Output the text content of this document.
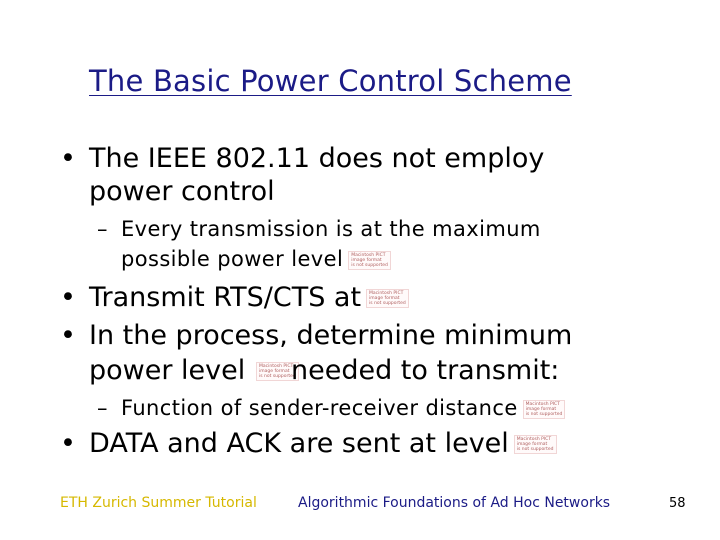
The Basic Power Control Scheme
• The IEEE 802.11 does not employ
power control
– Every transmission is at the maximum
possible power level Macintosh PICT
image format
is not supported
• Transmit RTS/CTS at Macintosh PICT
image format
is not supported
• In the process, determine minimum
power level	Macintosh PICT
image format
is not supported
needed to transmit:
– Function of sender-receiver distance Macintosh PICT
image format
is not supported
• DATA and ACK are sent at level Macintosh PICT
image format
is not supported
ETH Zurich Summer Tutorial	Algorithmic Foundations of Ad Hoc Networks	58
